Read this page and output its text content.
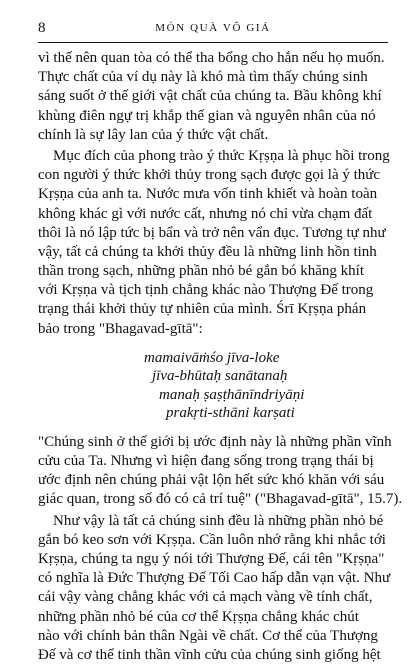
8	MÓN QUÀ VÔ GIÁ
vì thế nên quan tòa có thể tha bổng cho hắn nếu họ muốn.
Thực chất của ví dụ này là khó mà tìm thấy chúng sinh
sáng suốt ở thế giới vật chất của chúng ta. Bầu không khí
khùng điên ngự trị khắp thế gian và nguyên nhân của nó
chính là sự lây lan của ý thức vật chất.
Mục đích của phong trào ý thức Kṛṣṇa là phục hồi trong
con người ý thức khởi thủy trong sạch được gọi là ý thức
Kṛṣṇa của anh ta. Nước mưa vốn tinh khiết và hoàn toàn
không khác gì với nước cất, nhưng nó chỉ vừa chạm đất
thôi là nó lập tức bị bẩn và trở nên vẩn đục. Tương tự như
vậy, tất cả chúng ta khởi thủy đều là những linh hồn tinh
thần trong sạch, những phần nhỏ bé gắn bó khăng khít
với Kṛṣṇa và tịch tịnh chẳng khác nào Thượng Đế trong
trạng thái khởi thủy tự nhiên của mình. Śrī Kṛṣṇa phán
bảo trong "Bhagavad-gītā":
mamaivāṁśo jīva-loke
jīva-bhūtaḥ sanātanaḥ
manaḥ ṣaṣṭhānīndriyāṇi
prakṛti-sthāni karṣati
"Chúng sinh ở thế giới bị ước định này là những phần vĩnh
cửu của Ta. Nhưng vì hiện đang sống trong trạng thái bị
ước định nên chúng phải vật lộn hết sức khó khăn với sáu
giác quan, trong số đó có cả trí tuệ" ("Bhagavad-gītā", 15.7).
Như vậy là tất cả chúng sinh đều là những phần nhỏ bé
gắn bó keo sơn với Kṛṣṇa. Cần luôn nhớ rằng khi nhắc tới
Kṛṣṇa, chúng ta ngụ ý nói tới Thượng Đế, cái tên "Kṛṣṇa"
có nghĩa là Đức Thượng Đế Tối Cao hấp dẫn vạn vật. Như
cái vậy vàng chẳng khác với cả mạch vàng về tính chất,
những phần nhỏ bé của cơ thể Kṛṣṇa chẳng khác chút
nào với chính bản thân Ngài về chất. Cơ thể của Thượng
Đế và cơ thể tinh thần vĩnh cửu của chúng sinh giống hệt
